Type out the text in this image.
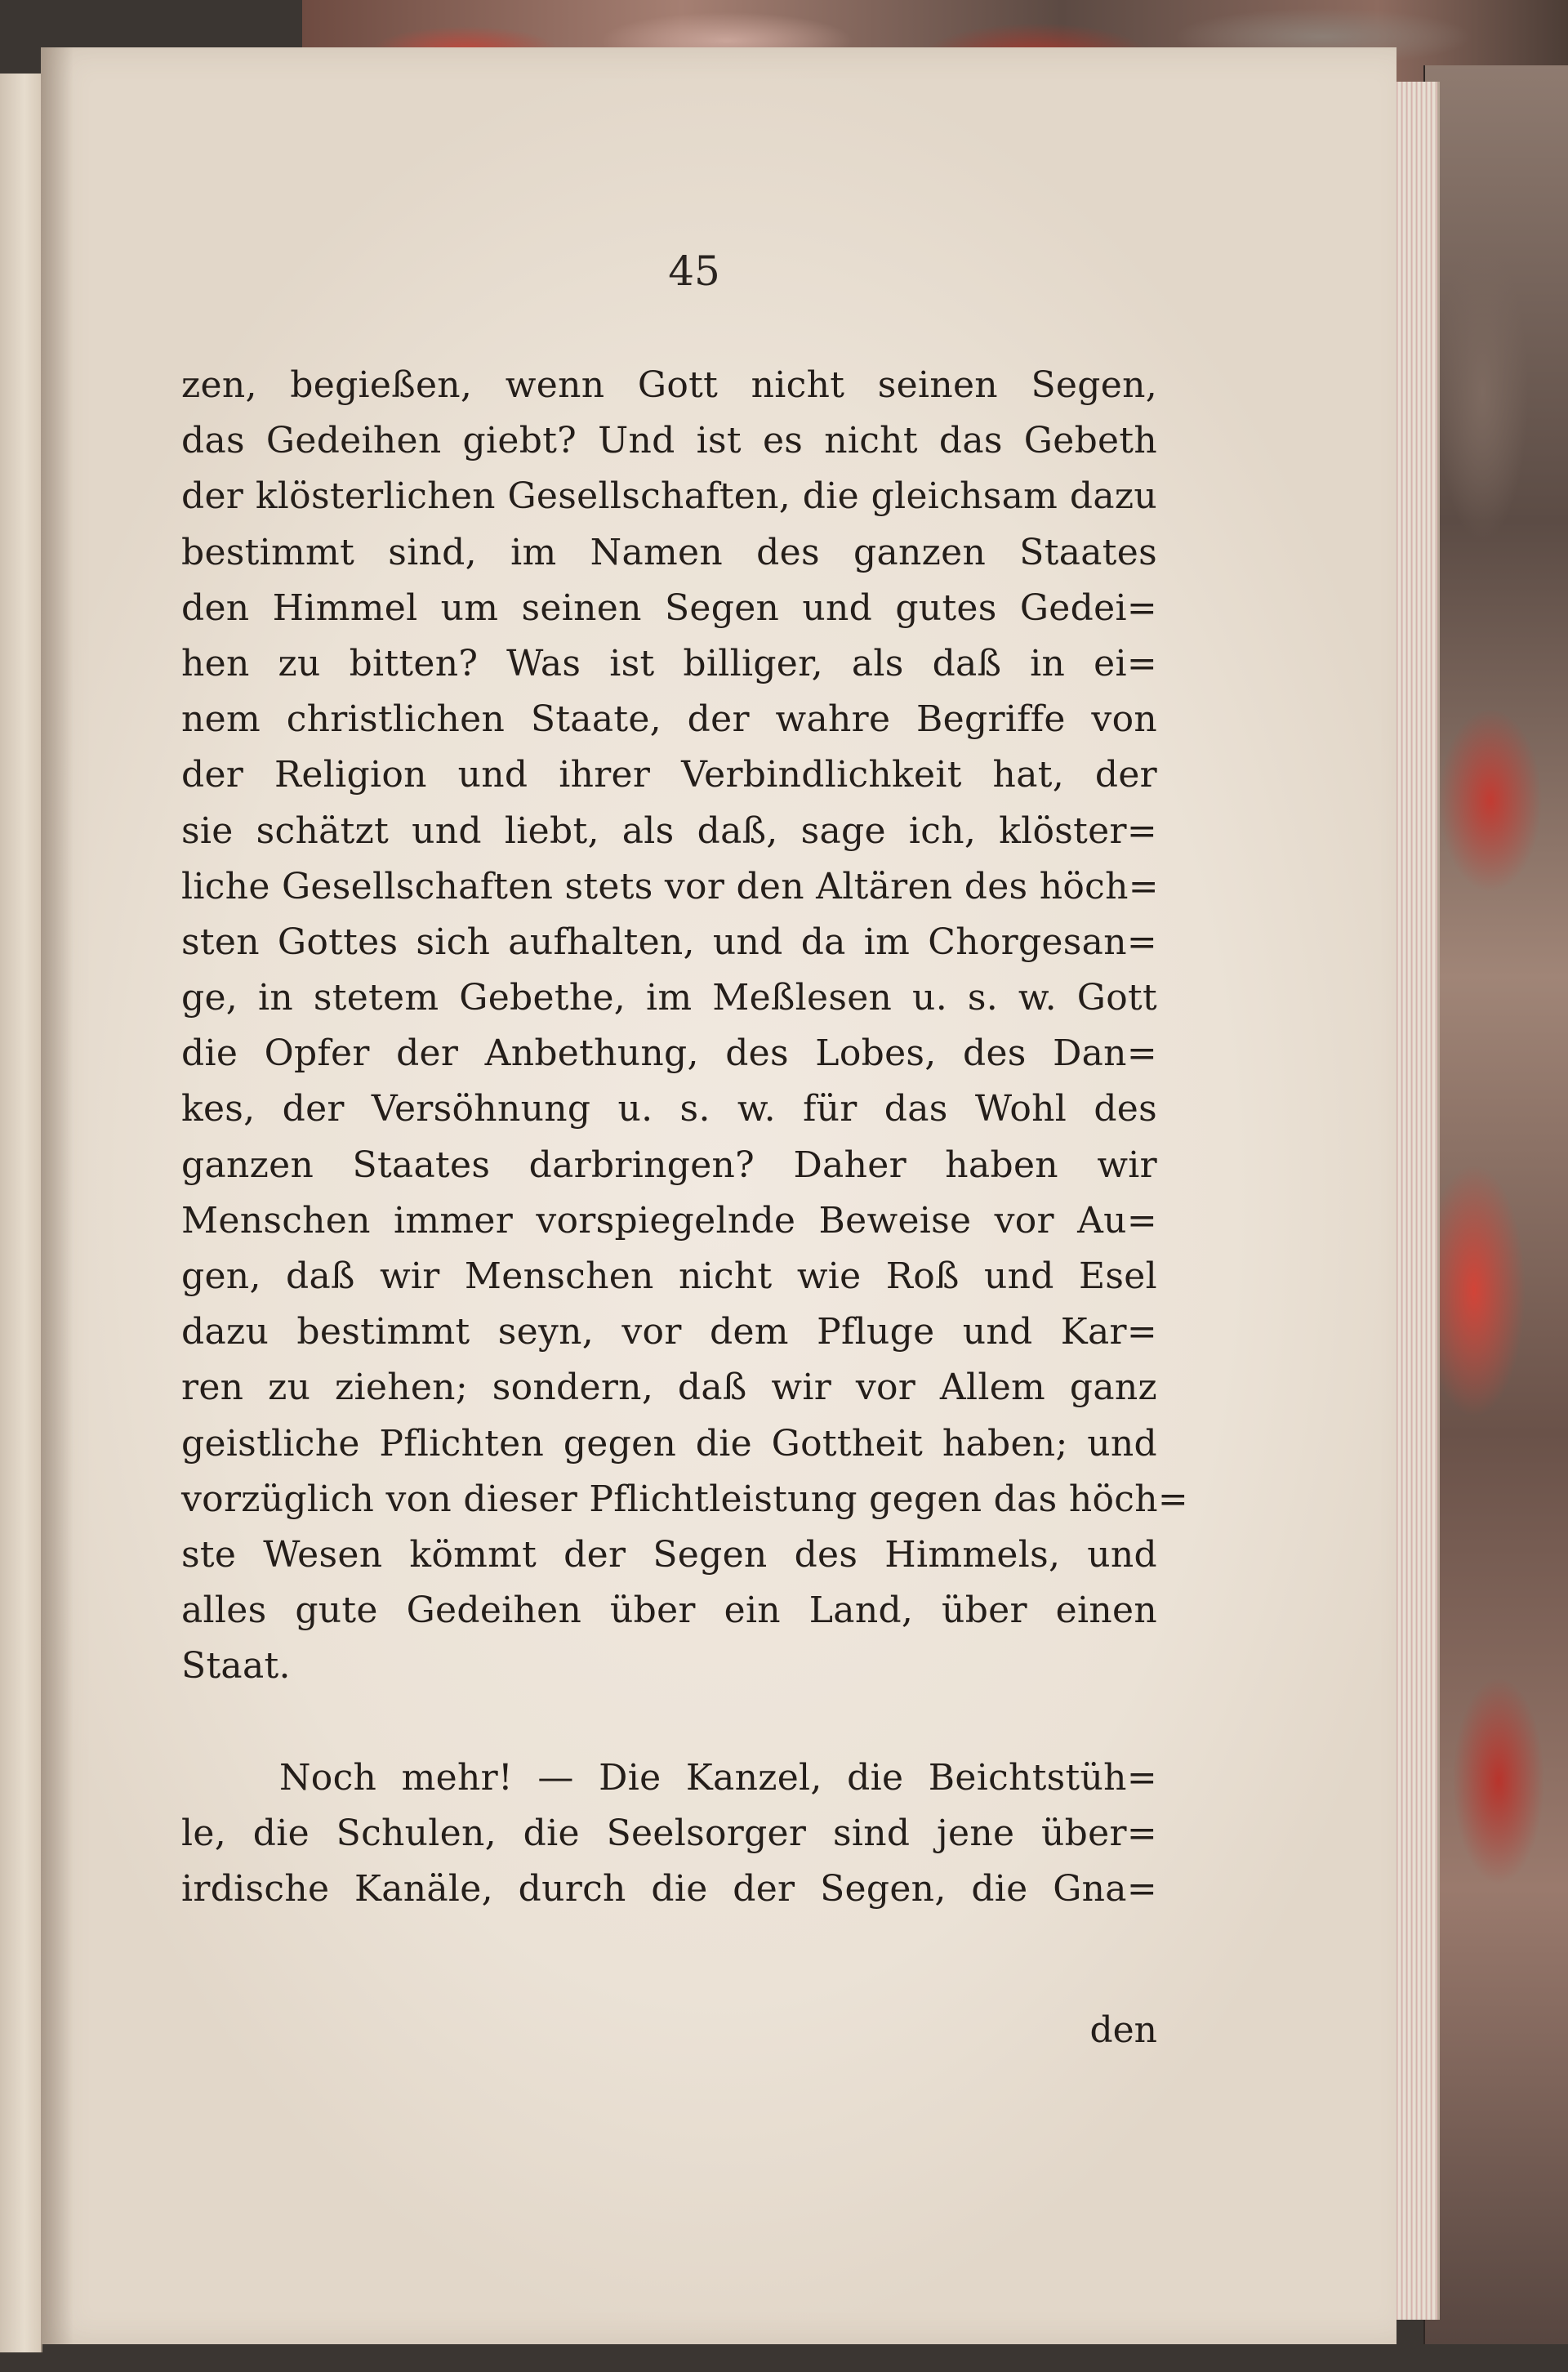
45
zen, begießen, wenn Gott nicht seinen Segen,
das Gedeihen giebt? Und ist es nicht das Gebeth
der klösterlichen Gesellschaften, die gleichsam dazu
bestimmt sind, im Namen des ganzen Staates
den Himmel um seinen Segen und gutes Gedei=
hen zu bitten? Was ist billiger, als daß in ei=
nem christlichen Staate, der wahre Begriffe von
der Religion und ihrer Verbindlichkeit hat, der
sie schätzt und liebt, als daß, sage ich, klöster=
liche Gesellschaften stets vor den Altären des höch=
sten Gottes sich aufhalten, und da im Chorgesan=
ge, in stetem Gebethe, im Meßlesen u. s. w. Gott
die Opfer der Anbethung, des Lobes, des Dan=
kes, der Versöhnung u. s. w. für das Wohl des
ganzen Staates darbringen? Daher haben wir
Menschen immer vorspiegelnde Beweise vor Au=
gen, daß wir Menschen nicht wie Roß und Esel
dazu bestimmt seyn, vor dem Pfluge und Kar=
ren zu ziehen; sondern, daß wir vor Allem ganz
geistliche Pflichten gegen die Gottheit haben; und
vorzüglich von dieser Pflichtleistung gegen das höch=
ste Wesen kömmt der Segen des Himmels, und
alles gute Gedeihen über ein Land, über einen
Staat.
Noch mehr! — Die Kanzel, die Beichtstüh=
le, die Schulen, die Seelsorger sind jene über=
irdische Kanäle, durch die der Segen, die Gna=
den
